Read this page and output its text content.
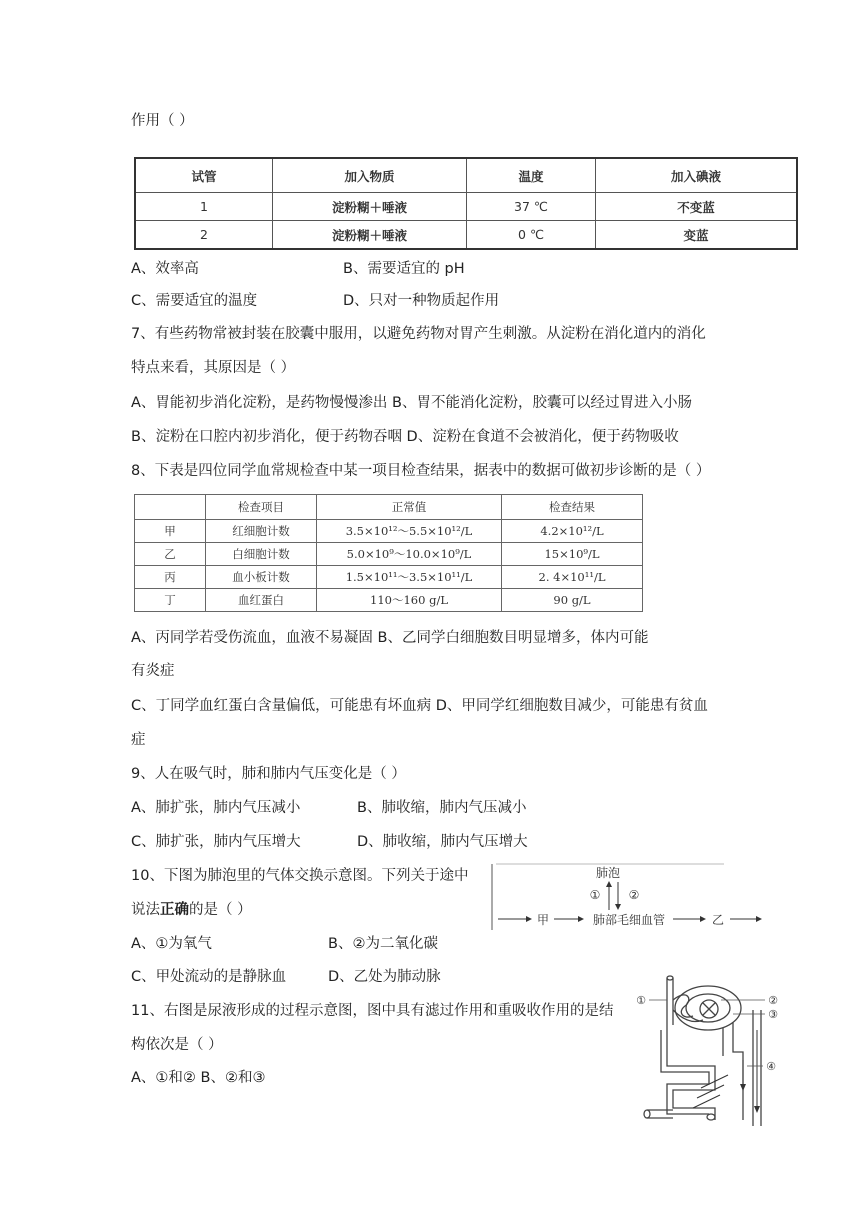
作用（ ）
试管	加入物质	温度	加入碘液
1	淀粉糊＋唾液	37 ℃	不变蓝
2	淀粉糊＋唾液	0 ℃	变蓝
A、效率高	B、需要适宜的 pH
C、需要适宜的温度	D、只对一种物质起作用
7、有些药物常被封装在胶囊中服用，以避免药物对胃产生刺激。从淀粉在消化道内的消化
特点来看，其原因是（ ）
A、胃能初步消化淀粉，是药物慢慢渗出 B、胃不能消化淀粉，胶囊可以经过胃进入小肠
B、淀粉在口腔内初步消化，便于药物吞咽 D、淀粉在食道不会被消化，便于药物吸收
8、下表是四位同学血常规检查中某一项目检查结果，据表中的数据可做初步诊断的是（ ）
	检查项目	正常值	检查结果
甲	红细胞计数	3.5×10¹²～5.5×10¹²/L	4.2×10¹²/L
乙	白细胞计数	5.0×10⁹～10.0×10⁹/L	15×10⁹/L
丙	血小板计数	1.5×10¹¹～3.5×10¹¹/L	2. 4×10¹¹/L
丁	血红蛋白	110～160 g/L	90 g/L
A、丙同学若受伤流血，血液不易凝固 B、乙同学白细胞数目明显增多，体内可能
有炎症
C、丁同学血红蛋白含量偏低，可能患有坏血病 D、甲同学红细胞数目减少，可能患有贫血
症
9、人在吸气时，肺和肺内气压变化是（ ）
A、肺扩张，肺内气压减小	B、肺收缩，肺内气压减小
C、肺扩张，肺内气压增大	D、肺收缩，肺内气压增大
10、下图为肺泡里的气体交换示意图。下列关于途中
说法正确的是（ ）
A、①为氧气	B、②为二氧化碳
C、甲处流动的是静脉血	D、乙处为肺动脉
11、右图是尿液形成的过程示意图，图中具有滤过作用和重吸收作用的是结
构依次是（ ）
A、①和② B、②和③
肺泡
① ②
甲	肺部毛细血管	乙
①	②
③
④
